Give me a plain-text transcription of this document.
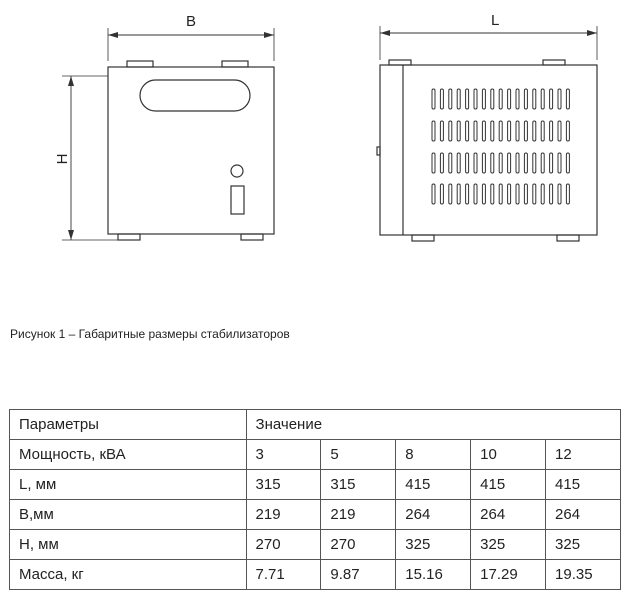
B	L
H
Рисунок 1 – Габаритные размеры стабилизаторов
Параметры	Значение				
Мощность, кВА	3	5	8	10	12
L, мм	315	315	415	415	415
В,мм	219	219	264	264	264
Н, мм	270	270	325	325	325
Масса, кг	7.71	9.87	15.16	17.29	19.35
